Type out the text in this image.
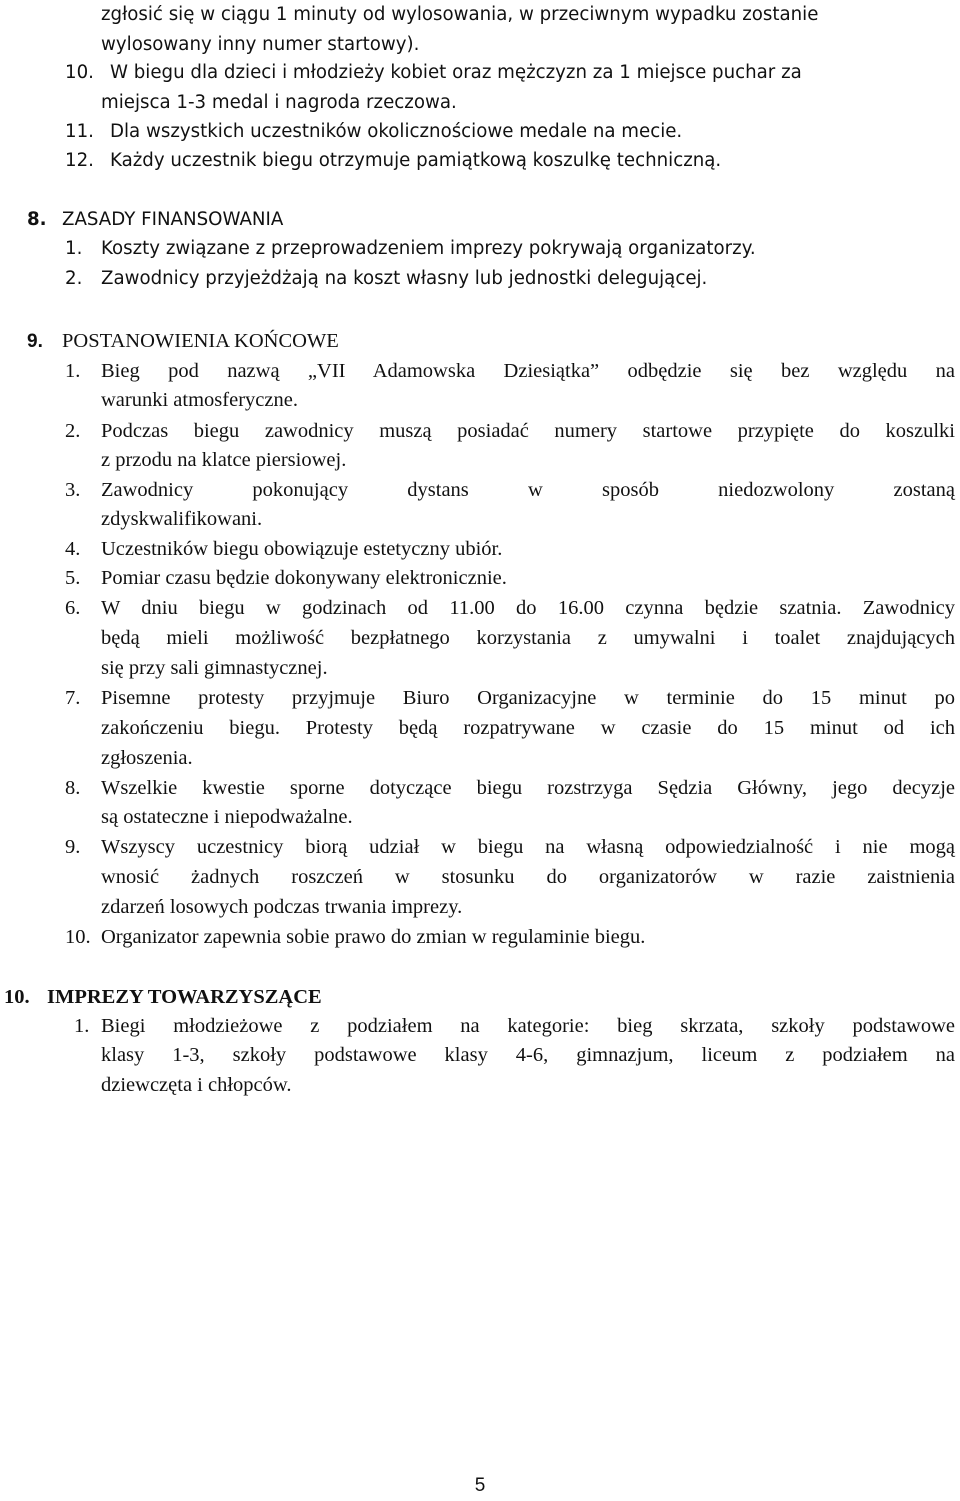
zgłosić się w ciągu 1 minuty od wylosowania, w przeciwnym wypadku zostanie
wylosowany inny numer startowy).
10. W biegu dla dzieci i młodzieży kobiet oraz mężczyzn za 1 miejsce puchar za
miejsca 1-3 medal i nagroda rzeczowa.
11. Dla wszystkich uczestników okolicznościowe medale na mecie.
12. Każdy uczestnik biegu otrzymuje pamiątkową koszulkę techniczną.
8. ZASADY FINANSOWANIA
1. Koszty związane z przeprowadzeniem imprezy pokrywają organizatorzy.
2. Zawodnicy przyjeżdżają na koszt własny lub jednostki delegującej.
9. POSTANOWIENIA KOŃCOWE
1. Bieg pod nazwą „VII Adamowska Dziesiątka” odbędzie się bez względu na
warunki atmosferyczne.
2. Podczas biegu zawodnicy muszą posiadać numery startowe przypięte do koszulki
z przodu na klatce piersiowej.
3. Zawodnicy pokonujący dystans w sposób niedozwolony zostaną
zdyskwalifikowani.
4. Uczestników biegu obowiązuje estetyczny ubiór.
5. Pomiar czasu będzie dokonywany elektronicznie.
6. W dniu biegu w godzinach od 11.00 do 16.00 czynna będzie szatnia. Zawodnicy
będą mieli możliwość bezpłatnego korzystania z umywalni i toalet znajdujących
się przy sali gimnastycznej.
7. Pisemne protesty przyjmuje Biuro Organizacyjne w terminie do 15 minut po
zakończeniu biegu. Protesty będą rozpatrywane w czasie do 15 minut od ich
zgłoszenia.
8. Wszelkie kwestie sporne dotyczące biegu rozstrzyga Sędzia Główny, jego decyzje
są ostateczne i niepodważalne.
9. Wszyscy uczestnicy biorą udział w biegu na własną odpowiedzialność i nie mogą
wnosić żadnych roszczeń w stosunku do organizatorów w razie zaistnienia
zdarzeń losowych podczas trwania imprezy.
10. Organizator zapewnia sobie prawo do zmian w regulaminie biegu.
10. IMPREZY TOWARZYSZĄCE
1. Biegi młodzieżowe z podziałem na kategorie: bieg skrzata, szkoły podstawowe
klasy 1-3, szkoły podstawowe klasy 4-6, gimnazjum, liceum z podziałem na
dziewczęta i chłopców.
5
